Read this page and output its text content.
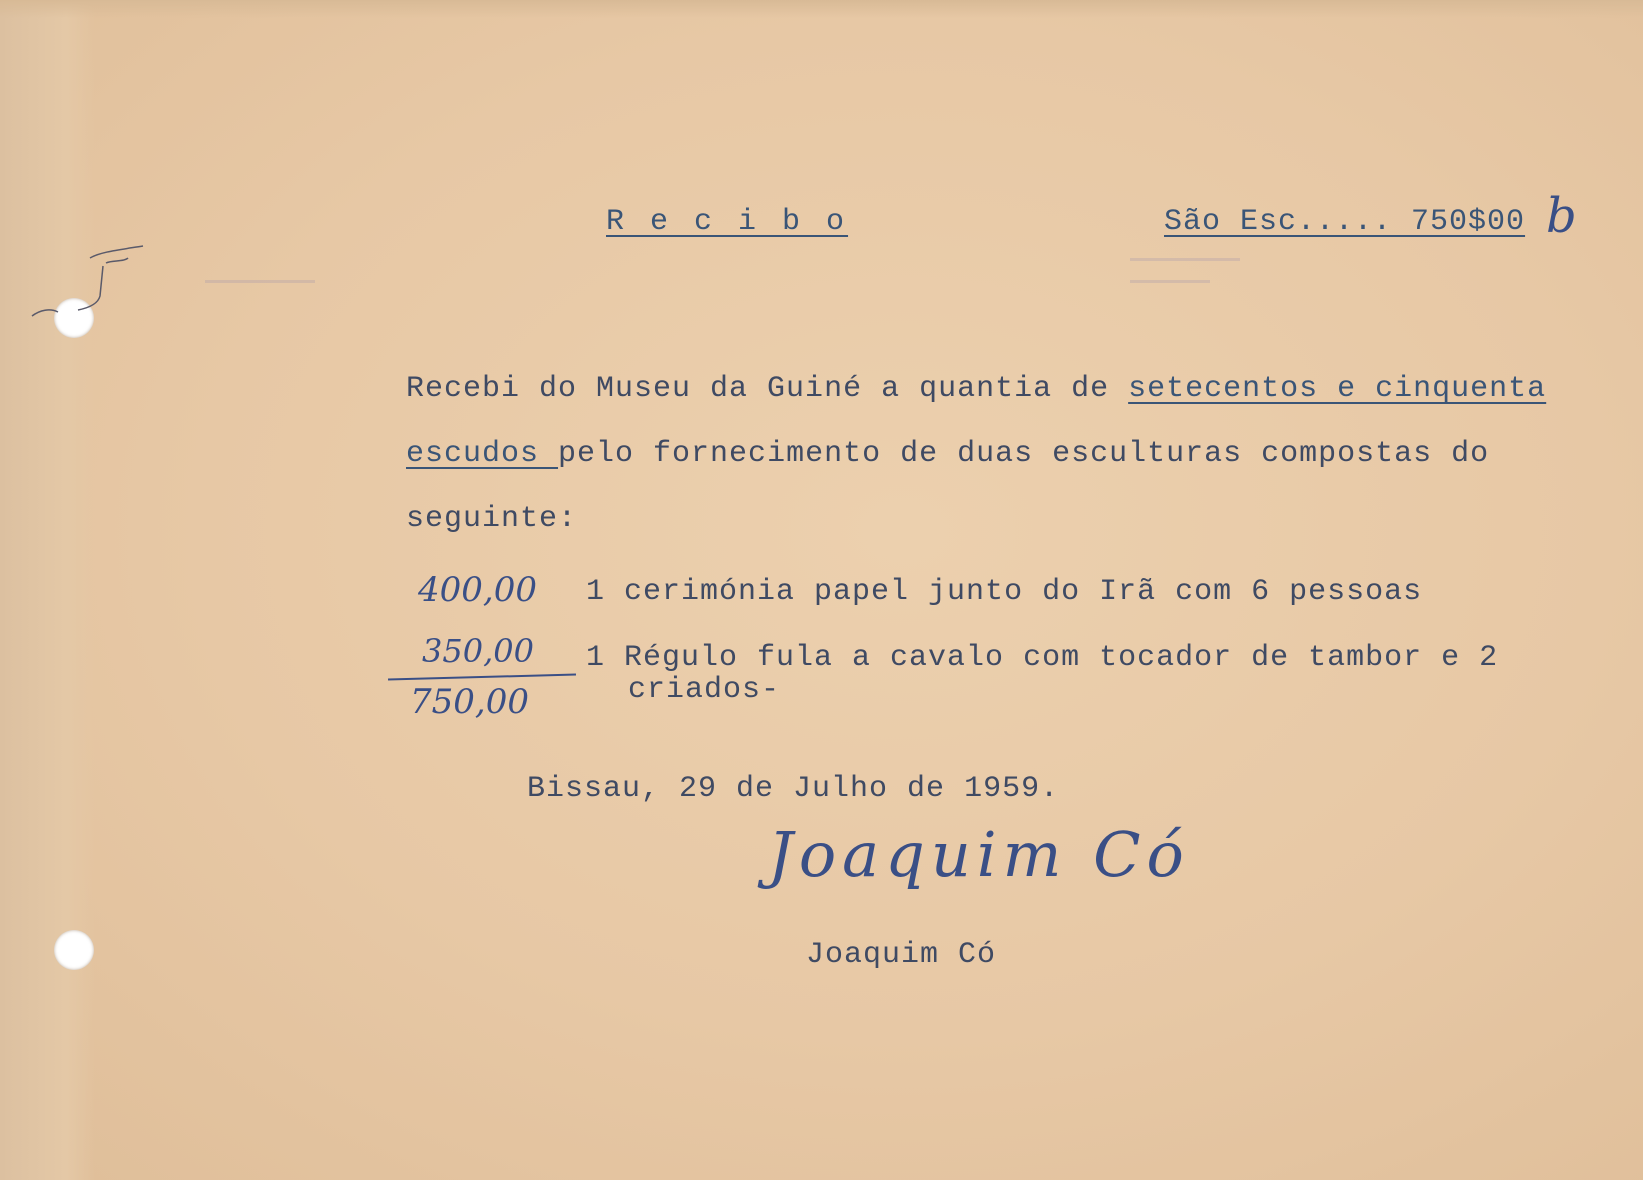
R e c i b o	São Esc..... 750$00 b
Recebi do Museu da Guiné a quantia de setecentos e cinquenta
escudos pelo fornecimento de duas esculturas compostas do
seguinte:
400,00 1 cerimónia papel junto do Irã com 6 pessoas
350,00 1 Régulo fula a cavalo com tocador de tambor e 2
criados-
750,00
Bissau, 29 de Julho de 1959.
Joaquim Có
Joaquim Có
